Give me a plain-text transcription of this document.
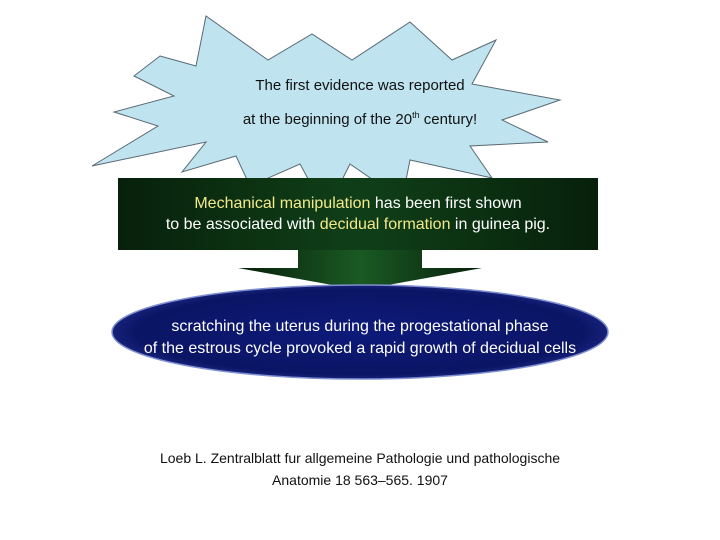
The first evidence was reported
at the beginning of the 20th century!
Mechanical manipulation has been first shown
to be associated with decidual formation in guinea pig.
scratching the uterus during the progestational phase
of the estrous cycle provoked a rapid growth of decidual cells
Loeb L. Zentralblatt fur allgemeine Pathologie und pathologische
Anatomie 18 563–565. 1907
